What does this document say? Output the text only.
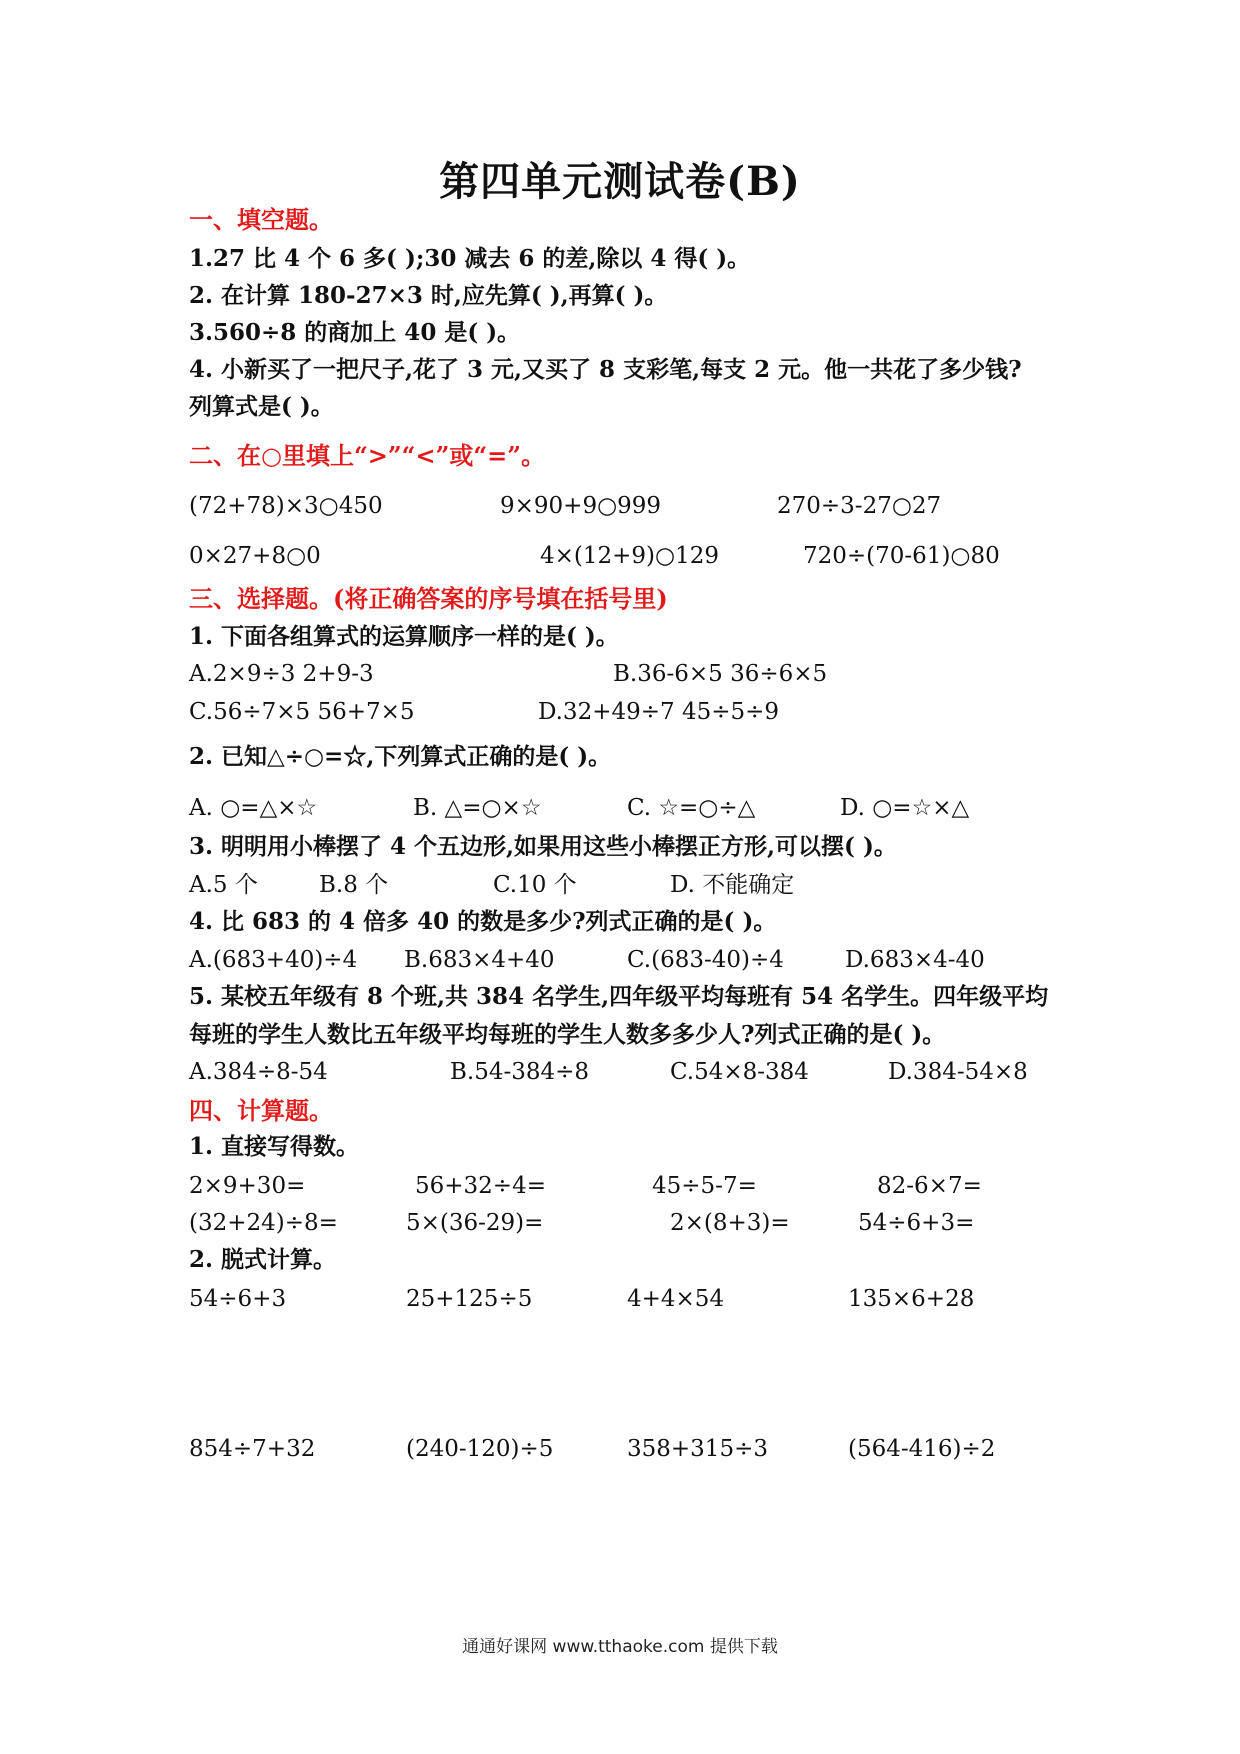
第四单元测试卷(B)
一、填空题。
1.27 比 4 个 6 多( );30 减去 6 的差,除以 4 得( )。
2. 在计算 180-27×3 时,应先算( ),再算( )。
3.560÷8 的商加上 40 是( )。
4. 小新买了一把尺子,花了 3 元,又买了 8 支彩笔,每支 2 元。他一共花了多少钱?
列算式是( )。
二、在○里填上“>”“<”或“=”。
(72+78)×3○450	9×90+9○999	270÷3-27○27
0×27+8○0	4×(12+9)○129	720÷(70-61)○80
三、选择题。(将正确答案的序号填在括号里)
1. 下面各组算式的运算顺序一样的是( )。
A.2×9÷3 2+9-3	B.36-6×5 36÷6×5
C.56÷7×5 56+7×5	D.32+49÷7 45÷5÷9
2. 已知△÷○=☆,下列算式正确的是( )。
A. ○=△×☆	B. △=○×☆	C. ☆=○÷△	D. ○=☆×△
3. 明明用小棒摆了 4 个五边形,如果用这些小棒摆正方形,可以摆( )。
A.5 个	B.8 个	C.10 个	D. 不能确定
4. 比 683 的 4 倍多 40 的数是多少?列式正确的是( )。
A.(683+40)÷4 B.683×4+40	C.(683-40)÷4	D.683×4-40
5. 某校五年级有 8 个班,共 384 名学生,四年级平均每班有 54 名学生。四年级平均
每班的学生人数比五年级平均每班的学生人数多多少人?列式正确的是( )。
A.384÷8-54	B.54-384÷8	C.54×8-384	D.384-54×8
四、计算题。
1. 直接写得数。
2×9+30=	56+32÷4=	45÷5-7=	82-6×7=
(32+24)÷8=	5×(36-29)=	2×(8+3)=	54÷6+3=
2. 脱式计算。
54÷6+3	25+125÷5	4+4×54	135×6+28
854÷7+32	(240-120)÷5	358+315÷3	(564-416)÷2
通通好课网 www.tthaoke.com 提供下载
